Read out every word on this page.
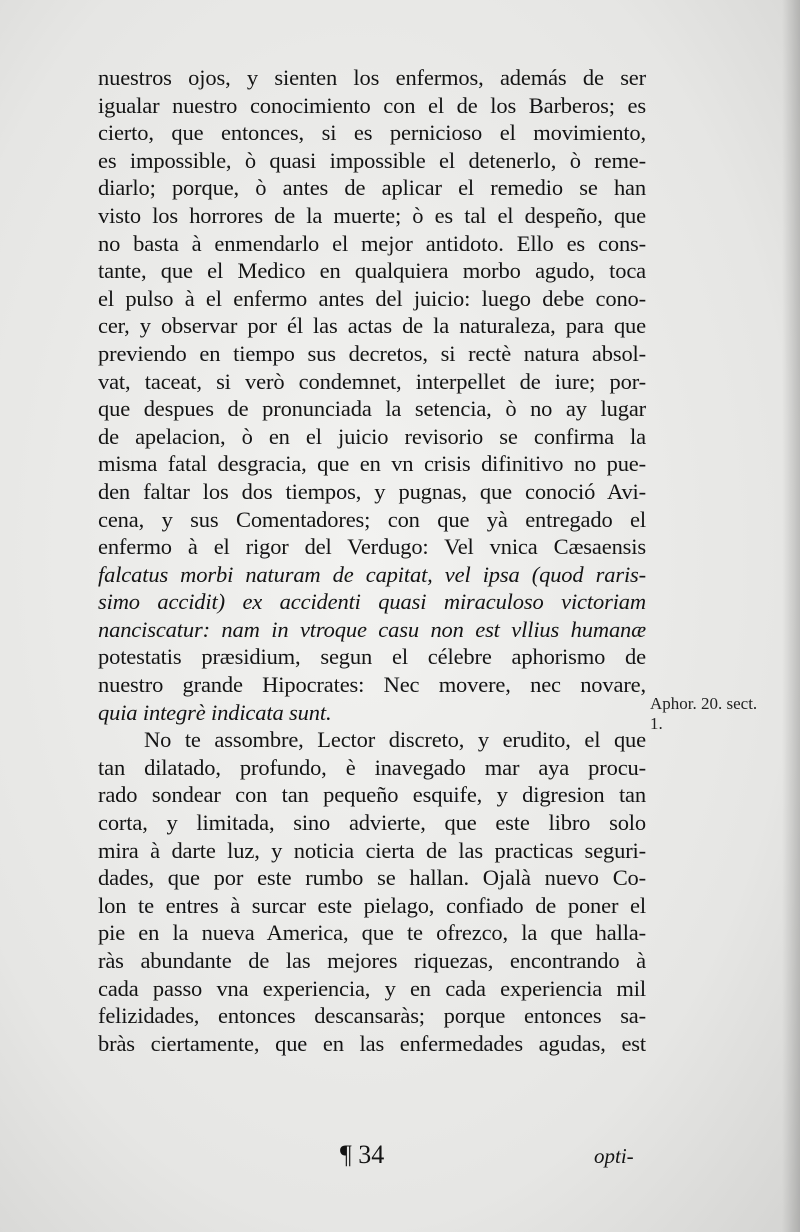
nuestros ojos, y sienten los enfermos, además de ser
igualar nuestro conocimiento con el de los Barberos; es
cierto, que entonces, si es pernicioso el movimiento,
es impossible, ò quasi impossible el detenerlo, ò reme-
diarlo; porque, ò antes de aplicar el remedio se han
visto los horrores de la muerte; ò es tal el despeño, que
no basta à enmendarlo el mejor antidoto. Ello es cons-
tante, que el Medico en qualquiera morbo agudo, toca
el pulso à el enfermo antes del juicio: luego debe cono-
cer, y observar por él las actas de la naturaleza, para que
previendo en tiempo sus decretos, si rectè natura absol-
vat, taceat, si verò condemnet, interpellet de iure; por-
que despues de pronunciada la setencia, ò no ay lugar
de apelacion, ò en el juicio revisorio se confirma la
misma fatal desgracia, que en vn crisis difinitivo no pue-
den faltar los dos tiempos, y pugnas, que conoció Avi-
cena, y sus Comentadores; con que yà entregado el
enfermo à el rigor del Verdugo: Vel vnica Cæsaensis
falcatus morbi naturam de capitat, vel ipsa (quod raris-
simo accidit) ex accidenti quasi miraculoso victoriam
nanciscatur: nam in vtroque casu non est vllius humanæ
potestatis præsidium, segun el célebre aphorismo de
nuestro grande Hipocrates: Nec movere, nec novare,
quia integrè indicata sunt.
No te assombre, Lector discreto, y erudito, el que
tan dilatado, profundo, è inavegado mar aya procu-
rado sondear con tan pequeño esquife, y digresion tan
corta, y limitada, sino advierte, que este libro solo
mira à darte luz, y noticia cierta de las practicas seguri-
dades, que por este rumbo se hallan. Ojalà nuevo Co-
lon te entres à surcar este pielago, confiado de poner el
pie en la nueva America, que te ofrezco, la que halla-
ràs abundante de las mejores riquezas, encontrando à
cada passo vna experiencia, y en cada experiencia mil
felizidades, entonces descansaràs; porque entonces sa-
bràs ciertamente, que en las enfermedades agudas, est
Aphor. 20. sect.
1.
¶ 34	opti-
